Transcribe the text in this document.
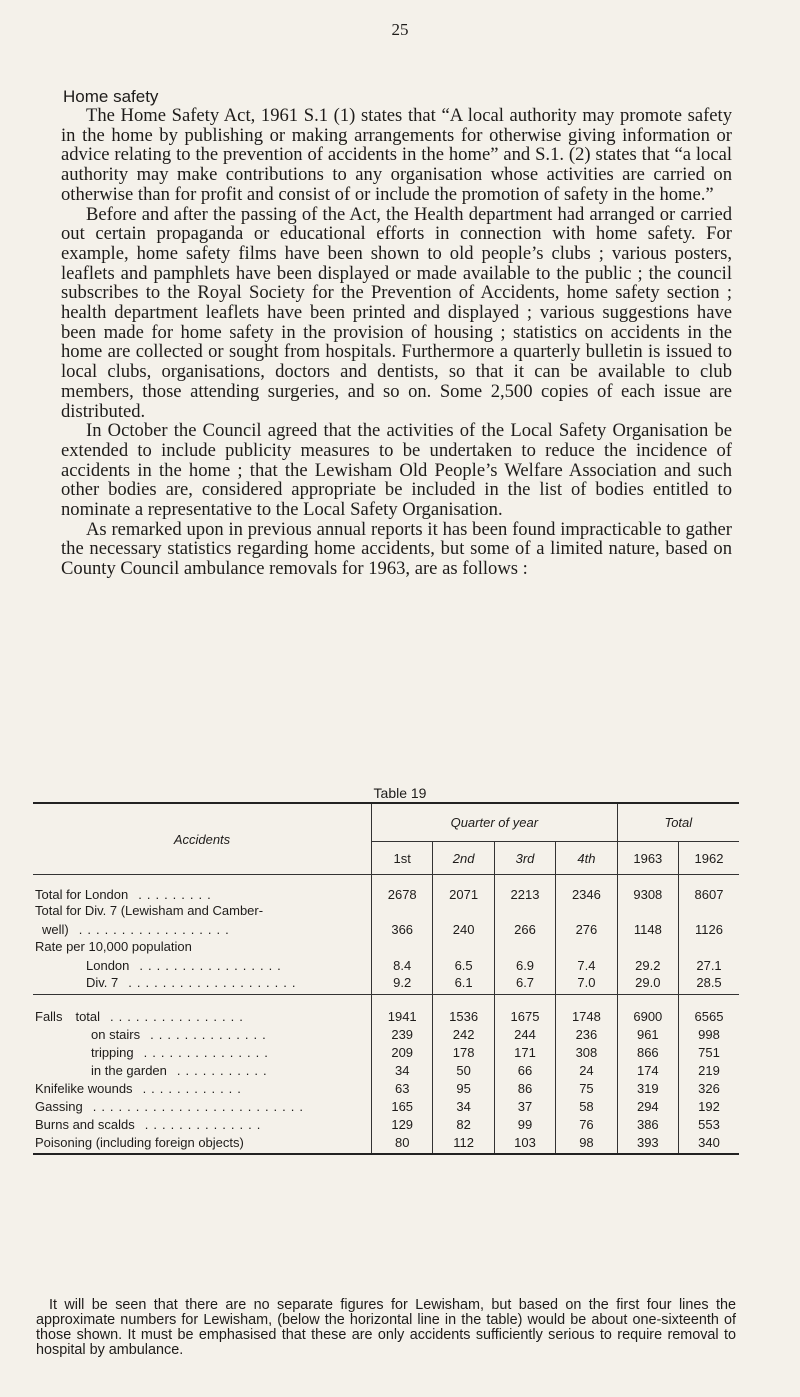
25
Home safety

The Home Safety Act, 1961 S.1 (1) states that “A local authority may promote safety in the home by publishing or making arrangements for otherwise giving information or advice relating to the prevention of accidents in the home” and S.1. (2) states that “a local authority may make contributions to any organisation whose activities are carried on otherwise than for profit and consist of or include the promotion of safety in the home.”

Before and after the passing of the Act, the Health department had arranged or carried out certain propaganda or educational efforts in connection with home safety. For example, home safety films have been shown to old people’s clubs ; various posters, leaflets and pamphlets have been displayed or made available to the public ; the council subscribes to the Royal Society for the Prevention of Accidents, home safety section ; health department leaflets have been printed and displayed ; various suggestions have been made for home safety in the provision of housing ; statistics on accidents in the home are collected or sought from hospitals. Furthermore a quarterly bulletin is issued to local clubs, organisations, doctors and dentists, so that it can be available to club members, those attending surgeries, and so on. Some 2,500 copies of each issue are distributed.

In October the Council agreed that the activities of the Local Safety Organisation be extended to include publicity measures to be undertaken to reduce the incidence of accidents in the home ; that the Lewisham Old People’s Welfare Association and such other bodies are, considered appropriate be included in the list of bodies entitled to nominate a representative to the Local Safety Organisation.

As remarked upon in previous annual reports it has been found impracticable to gather the necessary statistics regarding home accidents, but some of a limited nature, based on County Council ambulance removals for 1963, are as follows :

Table 19

Accidents	Quarter of year				Total	
	1st	2nd	3rd	4th	1963	1962
Total for London .........	2678	2071	2213	2346	9308	8607
Total for Div. 7 (Lewisham and Camber-						
well) ..................	366	240	266	276	1148	1126
Rate per 10,000 population						
London .................	8.4	6.5	6.9	7.4	29.2	27.1
Div. 7 ....................	9.2	6.1	6.7	7.0	29.0	28.5
Falls total ................	1941	1536	1675	1748	6900	6565
on stairs ..............	239	242	244	236	961	998
tripping ...............	209	178	171	308	866	751
in the garden ...........	34	50	66	24	174	219
Knifelike wounds ............	63	95	86	75	319	326
Gassing .........................	165	34	37	58	294	192
Burns and scalds ..............	129	82	99	76	386	553
Poisoning (including foreign objects)	80	112	103	98	393	340

It will be seen that there are no separate figures for Lewisham, but based on the first four lines the approximate numbers for Lewisham, (below the horizontal line in the table) would be about one-sixteenth of those shown. It must be emphasised that these are only accidents sufficiently serious to require removal to hospital by ambulance.
